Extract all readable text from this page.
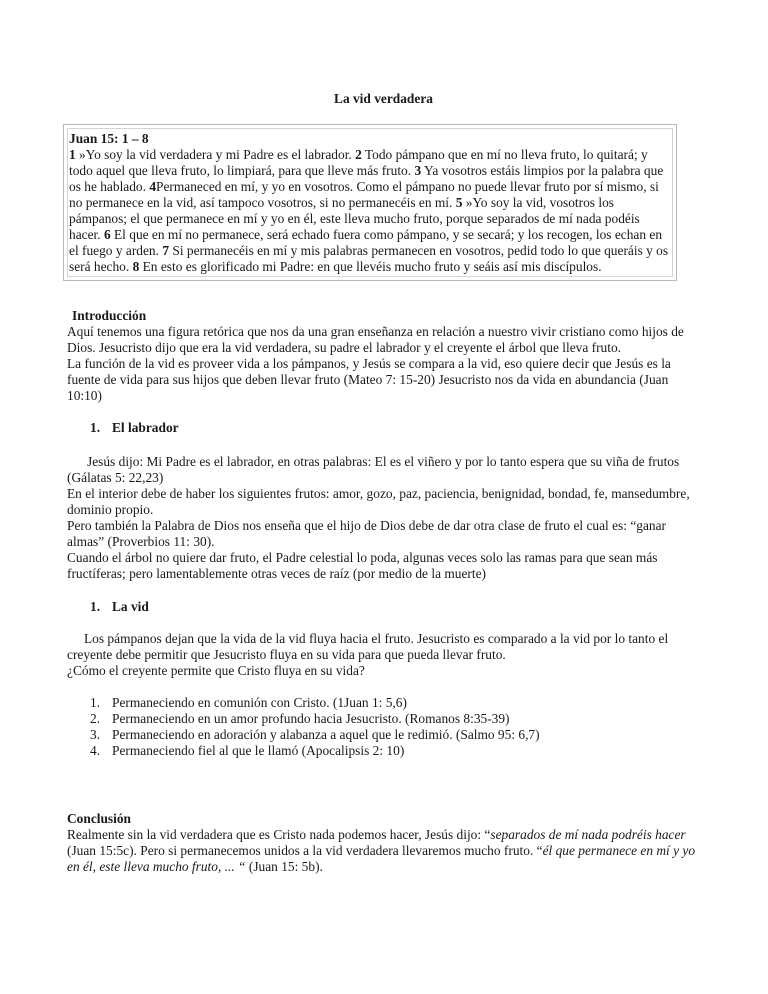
La vid verdadera

Juan 15: 1 – 8

1 »Yo soy la vid verdadera y mi Padre es el labrador. 2 Todo pámpano que en mí no lleva fruto, lo quitará; y todo aquel que lleva fruto, lo limpiará, para que lleve más fruto. 3 Ya vosotros estáis limpios por la palabra que os he hablado. 4Permaneced en mí, y yo en vosotros. Como el pámpano no puede llevar fruto por sí mismo, si no permanece en la vid, así tampoco vosotros, si no permanecéis en mí. 5 »Yo soy la vid, vosotros los pámpanos; el que permanece en mí y yo en él, este lleva mucho fruto, porque separados de mí nada podéis hacer. 6 El que en mí no permanece, será echado fuera como pámpano, y se secará; y los recogen, los echan en el fuego y arden. 7 Si permanecéis en mí y mis palabras permanecen en vosotros, pedid todo lo que queráis y os será hecho. 8 En esto es glorificado mi Padre: en que llevéis mucho fruto y seáis así mis discípulos.

Introducción

Aquí tenemos una figura retórica que nos da una gran enseñanza en relación a nuestro vivir cristiano como hijos de Dios. Jesucristo dijo que era la vid verdadera, su padre el labrador y el creyente el árbol que lleva fruto.

La función de la vid es proveer vida a los pámpanos, y Jesús se compara a la vid, eso quiere decir que Jesús es la fuente de vida para sus hijos que deben llevar fruto (Mateo 7: 15-20) Jesucristo nos da vida en abundancia (Juan 10:10)

1. El labrador

Jesús dijo: Mi Padre es el labrador, en otras palabras: El es el viñero y por lo tanto espera que su viña de frutos (Gálatas 5: 22,23)

En el interior debe de haber los siguientes frutos: amor, gozo, paz, paciencia, benignidad, bondad, fe, mansedumbre, dominio propio.

Pero también la Palabra de Dios nos enseña que el hijo de Dios debe de dar otra clase de fruto el cual es: “ganar almas” (Proverbios 11: 30).

Cuando el árbol no quiere dar fruto, el Padre celestial lo poda, algunas veces solo las ramas para que sean más fructíferas; pero lamentablemente otras veces de raíz (por medio de la muerte)

1. La vid

Los pámpanos dejan que la vida de la vid fluya hacia el fruto. Jesucristo es comparado a la vid por lo tanto el creyente debe permitir que Jesucristo fluya en su vida para que pueda llevar fruto.

¿Cómo el creyente permite que Cristo fluya en su vida?

1. Permaneciendo en comunión con Cristo. (1Juan 1: 5,6)
2. Permaneciendo en un amor profundo hacia Jesucristo. (Romanos 8:35-39)
3. Permaneciendo en adoración y alabanza a aquel que le redimió. (Salmo 95: 6,7)
4. Permaneciendo fiel al que le llamó (Apocalipsis 2: 10)

Conclusión

Realmente sin la vid verdadera que es Cristo nada podemos hacer, Jesús dijo: “separados de mí nada podréis hacer (Juan 15:5c). Pero si permanecemos unidos a la vid verdadera llevaremos mucho fruto. “él que permanece en mí y yo en él, este lleva mucho fruto, ... “ (Juan 15: 5b).
